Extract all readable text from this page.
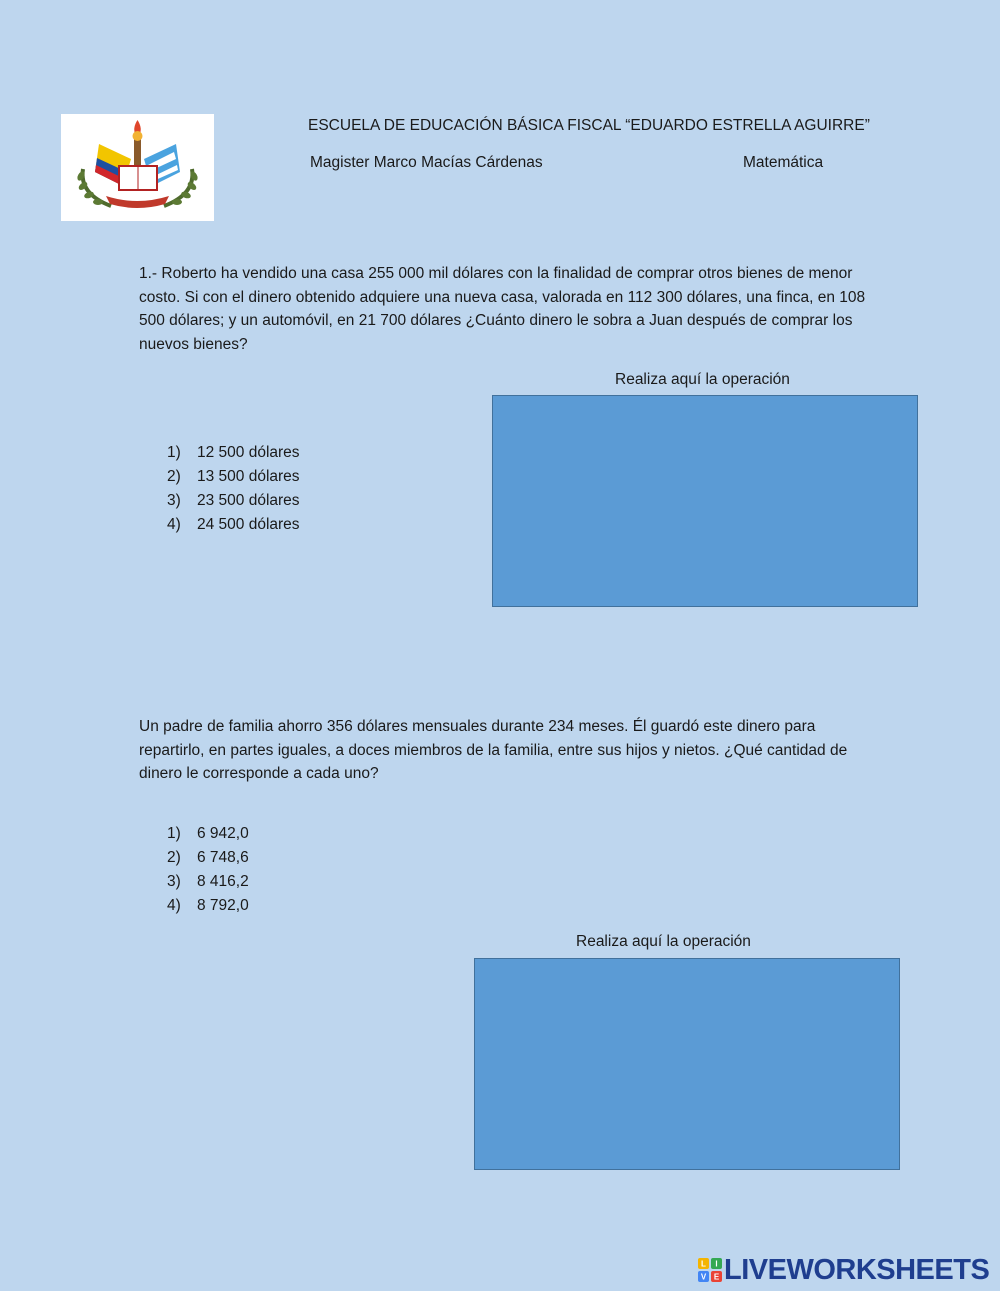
ESCUELA DE EDUCACIÓN BÁSICA FISCAL “EDUARDO ESTRELLA AGUIRRE”
Magister Marco Macías Cárdenas	Matemática
1.- Roberto ha vendido una casa 255 000 mil dólares con la finalidad de comprar otros bienes de menor costo. Si con el dinero obtenido adquiere una nueva casa, valorada en 112 300 dólares, una finca, en 108 500 dólares; y un automóvil, en 21 700 dólares ¿Cuánto dinero le sobra a Juan después de comprar los nuevos bienes?
Realiza aquí la operación
1)	12 500 dólares
2)	13 500 dólares
3)	23 500 dólares
4)	24 500 dólares
Un padre de familia ahorro 356 dólares mensuales durante 234 meses. Él guardó este dinero para repartirlo, en partes iguales, a doces miembros de la familia, entre sus hijos y nietos. ¿Qué cantidad de dinero le corresponde a cada uno?
1)	6 942,0
2)	6 748,6
3)	8 416,2
4)	8 792,0
Realiza aquí la operación
L I
V E LIVEWORKSHEETS
